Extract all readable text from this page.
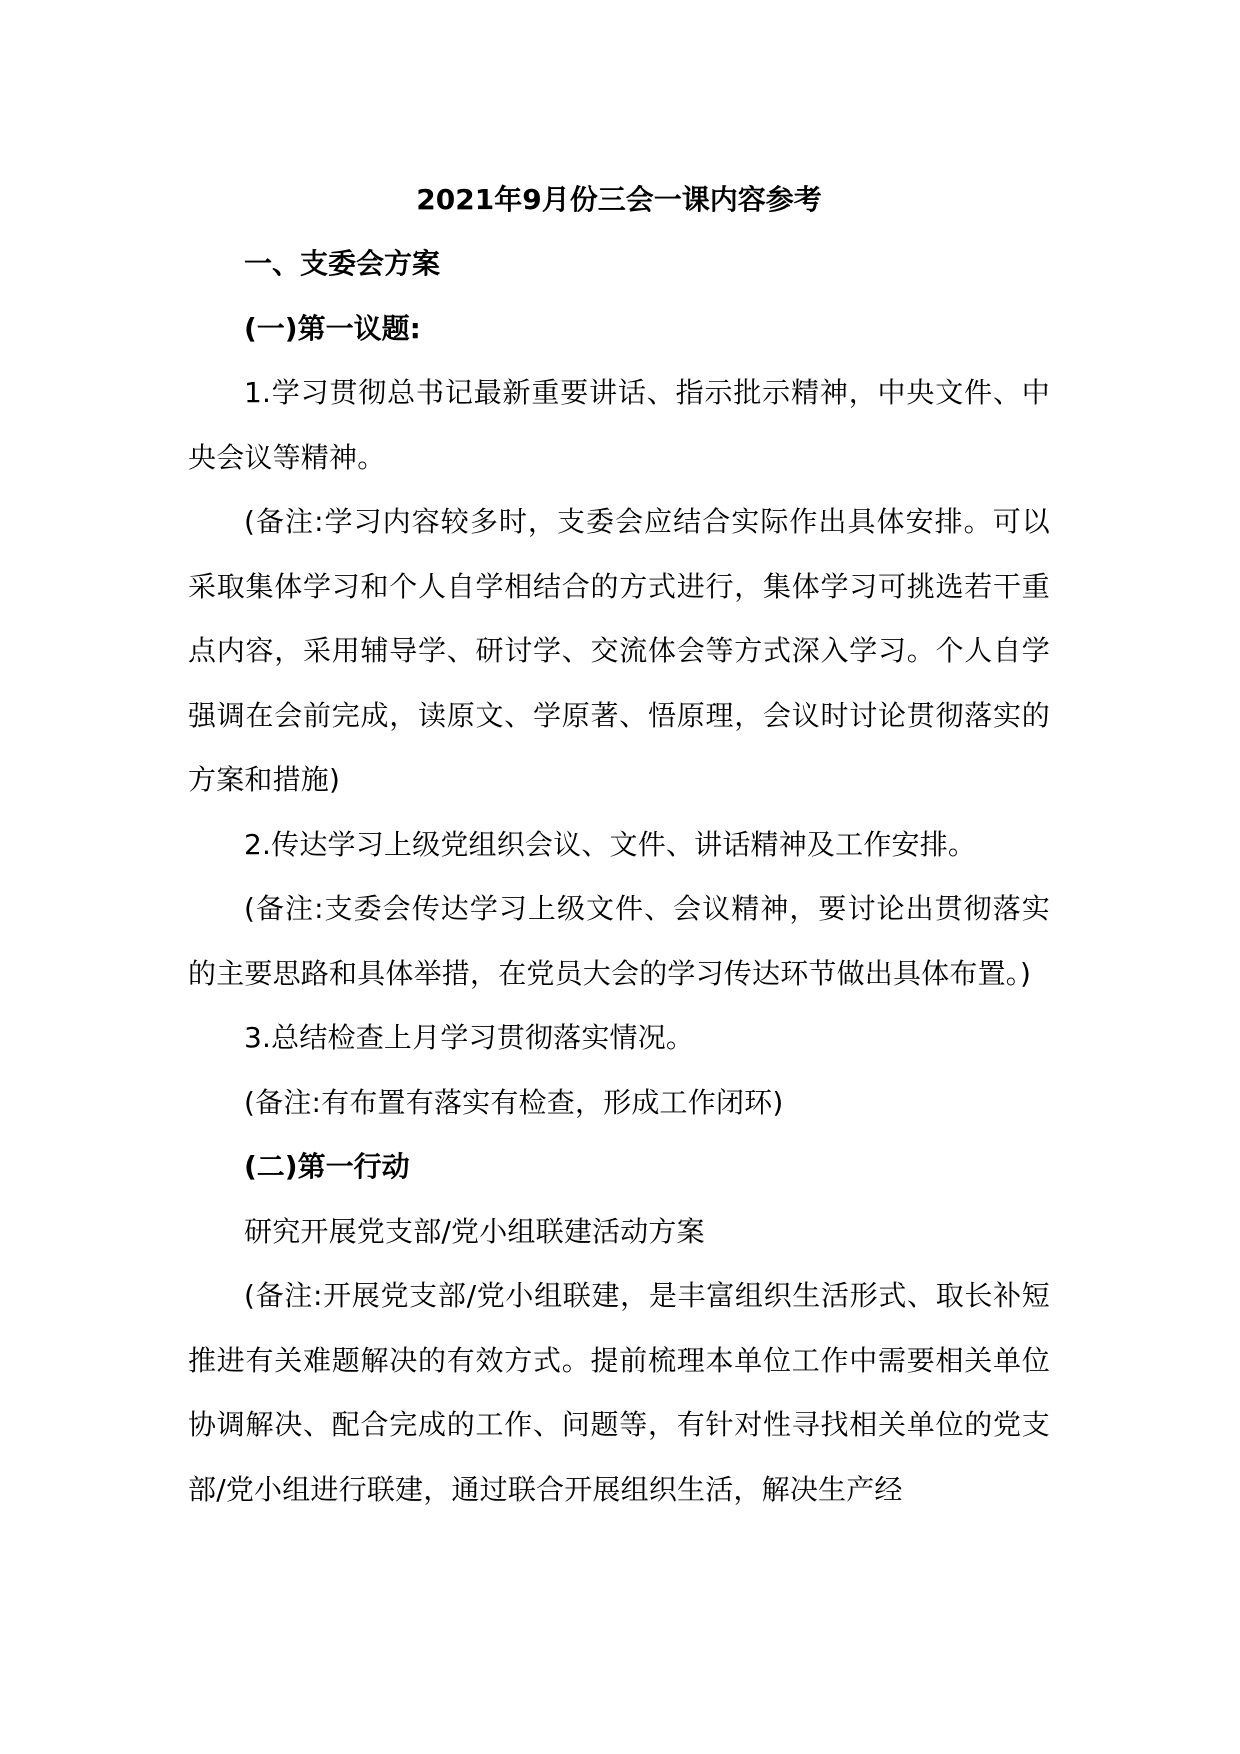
2021年9月份三会一课内容参考

一、支委会方案

(一)第一议题:

1.学习贯彻总书记最新重要讲话、指示批示精神，中央文件、中央会议等精神。

(备注:学习内容较多时，支委会应结合实际作出具体安排。可以采取集体学习和个人自学相结合的方式进行，集体学习可挑选若干重点内容，采用辅导学、研讨学、交流体会等方式深入学习。个人自学强调在会前完成，读原文、学原著、悟原理，会议时讨论贯彻落实的方案和措施)

2.传达学习上级党组织会议、文件、讲话精神及工作安排。

(备注:支委会传达学习上级文件、会议精神，要讨论出贯彻落实的主要思路和具体举措，在党员大会的学习传达环节做出具体布置。)

3.总结检查上月学习贯彻落实情况。

(备注:有布置有落实有检查，形成工作闭环)

(二)第一行动

研究开展党支部/党小组联建活动方案

(备注:开展党支部/党小组联建，是丰富组织生活形式、取长补短推进有关难题解决的有效方式。提前梳理本单位工作中需要相关单位协调解决、配合完成的工作、问题等，有针对性寻找相关单位的党支部/党小组进行联建，通过联合开展组织生活，解决生产经
